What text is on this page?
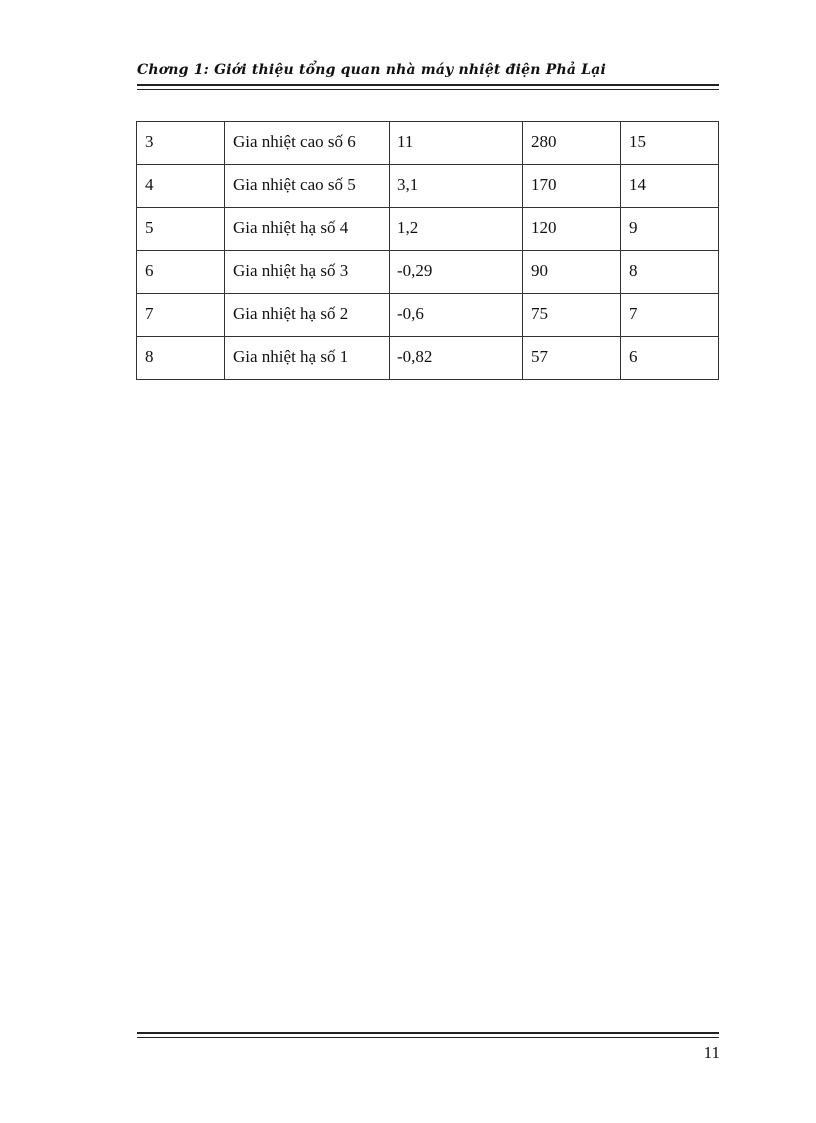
Chơng 1: Giới thiệu tổng quan nhà máy nhiệt điện Phả Lại
3	Gia nhiệt cao số 6	11	280	15
4	Gia nhiệt cao số 5	3,1	170	14
5	Gia nhiệt hạ số 4	1,2	120	9
6	Gia nhiệt hạ số 3	-0,29	90	8
7	Gia nhiệt hạ số 2	-0,6	75	7
8	Gia nhiệt hạ số 1	-0,82	57	6
11
